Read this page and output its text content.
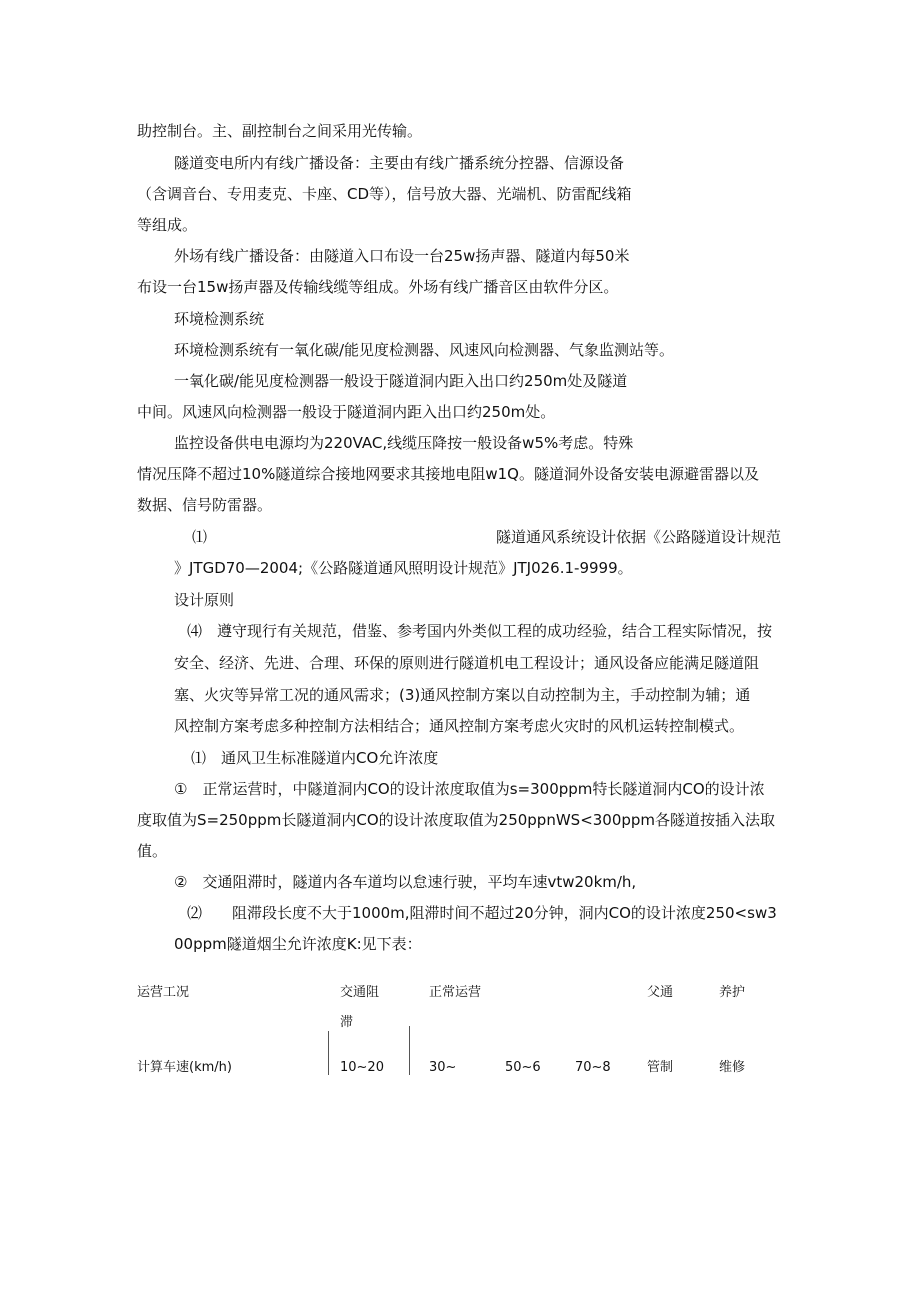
助控制台。主、副控制台之间采用光传输。
隧道变电所内有线广播设备：主要由有线广播系统分控器、信源设备
（含调音台、专用麦克、卡座、CD等），信号放大器、光端机、防雷配线箱
等组成。
外场有线广播设备：由隧道入口布设一台25w扬声器、隧道内每50米
布设一台15w扬声器及传输线缆等组成。外场有线广播音区由软件分区。
环境检测系统
环境检测系统有一氧化碳/能见度检测器、风速风向检测器、气象监测站等。
一氧化碳/能见度检测器一般设于隧道洞内距入出口约250m处及隧道
中间。风速风向检测器一般设于隧道洞内距入出口约250m处。
监控设备供电电源均为220VAC,线缆压降按一般设备w5%考虑。特殊
情况压降不超过10%隧道综合接地网要求其接地电阻w1Q。隧道洞外设备安装电源避雷器以及
数据、信号防雷器。
⑴	隧道通风系统设计依据《公路隧道设计规范
》JTGD70—2004;《公路隧道通风照明设计规范》JTJ026.1-9999。
设计原则
⑷　遵守现行有关规范，借鉴、参考国内外类似工程的成功经验，结合工程实际情况，按
安全、经济、先进、合理、环保的原则进行隧道机电工程设计；通风设备应能满足隧道阻
塞、火灾等异常工况的通风需求；(3)通风控制方案以自动控制为主，手动控制为辅；通
风控制方案考虑多种控制方法相结合；通风控制方案考虑火灾时的风机运转控制模式。
⑴　通风卫生标准隧道内CO允许浓度
①　正常运营时，中隧道洞内CO的设计浓度取值为s=300ppm特长隧道洞内CO的设计浓
度取值为S=250ppm长隧道洞内CO的设计浓度取值为250ppnWS<300ppm各隧道按插入法取
值。
②　交通阻滞时，隧道内各车道均以怠速行驶，平均车速vtw20km/h,
⑵　　阻滞段长度不大于1000m,阻滞时间不超过20分钟，洞内CO的设计浓度250<sw3
00ppm隧道烟尘允许浓度K:见下表：
运营工况	交通阻	正常运营	父通	养护
滞
计算车速(km/h)	10~20	30~	50~6	70~8	管制	维修
